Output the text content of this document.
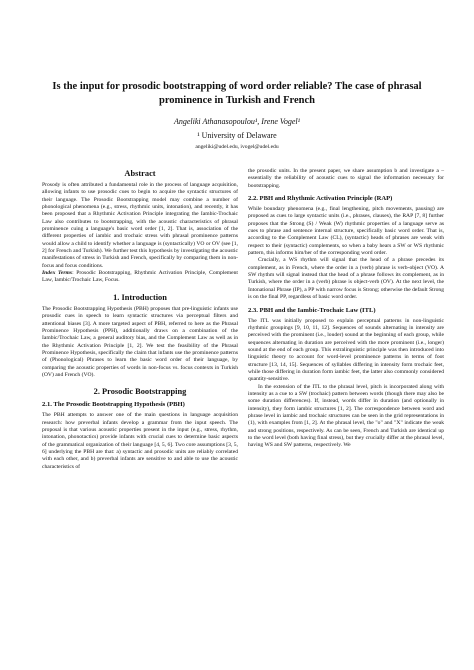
Is the input for prosodic bootstrapping of word order reliable? The case of phrasal prominence in Turkish and French
Angeliki Athanasopoulou¹, Irene Vogel¹
¹ University of Delaware
angeliki@udel.edu, ivogel@udel.edu
Abstract

Prosody is often attributed a fundamental role in the process of language acquisition, allowing infants to use prosodic cues to begin to acquire the syntactic structures of their language. The Prosodic Bootstrapping model may combine a number of phonological phenomena (e.g., stress, rhythmic units, intonation), and recently, it has been proposed that a Rhythmic Activation Principle integrating the Iambic-Trochaic Law also contributes to bootstrapping, with the acoustic characteristics of phrasal prominence cuing a language's basic word order [1, 2]. That is, association of the different properties of iambic and trochaic stress with phrasal prominence patterns would allow a child to identify whether a language is (syntactically) VO or OV (see [1, 2] for French and Turkish). We further test this hypothesis by investigating the acoustic manifestations of stress in Turkish and French, specifically by comparing them in non-focus and focus conditions.

Index Terms: Prosodic Bootstrapping, Rhythmic Activation Principle, Complement Law, Iambic/Trochaic Law, Focus.

1. Introduction

The Prosodic Bootstrapping Hypothesis (PBH) proposes that pre-linguistic infants use prosodic cues in speech to learn syntactic structures via perceptual filters and attentional biases [3]. A more targeted aspect of PBH, referred to here as the Phrasal Prominence Hypothesis (PPH), additionally draws on a combination of the Iambic/Trochaic Law, a general auditory bias, and the Complement Law as well as in the Rhythmic Activation Principle [1, 2]. We test the feasibility of the Phrasal Prominence Hypothesis, specifically the claim that infants use the prominence patterns of (Phonological) Phrases to learn the basic word order of their language, by comparing the acoustic properties of words in non-focus vs. focus contexts in Turkish (OV) and French (VO).

2. Prosodic Bootstrapping
2.1. The Prosodic Bootstrapping Hypothesis (PBH)

The PBH attempts to answer one of the main questions in language acquisition research: how preverbal infants develop a grammar from the input speech. The proposal is that various acoustic properties present in the input (e.g., stress, rhythm, intonation, phonotactics) provide infants with crucial cues to determine basic aspects of the grammatical organization of their language [4, 5, 6]. Two core assumptions [3, 5, 6] underlying the PBH are that: a) syntactic and prosodic units are reliably correlated with each other, and b) preverbal infants are sensitive to and able to use the acoustic characteristics of

the prosodic units. In the present paper, we share assumption b and investigate a – essentially the reliability of acoustic cues to signal the information necessary for bootstrapping.

2.2. PBH and Rhythmic Activation Principle (RAP)

While boundary phenomena (e.g., final lengthening, pitch movements, pausing) are proposed as cues to large syntactic units (i.e., phrases, clauses), the RAP [7, 8] further proposes that the Strong (S) / Weak (W) rhythmic properties of a language serve as cues to phrase and sentence internal structure, specifically basic word order. That is, according to the Complement Law (CL), (syntactic) heads of phrases are weak with respect to their (syntactic) complements, so when a baby hears a SW or WS rhythmic pattern, this informs him/her of the corresponding word order.

Crucially, a WS rhythm will signal that the head of a phrase precedes its complement, as in French, where the order in a (verb) phrase is verb-object (VO). A SW rhythm will signal instead that the head of a phrase follows its complement, as in Turkish, where the order in a (verb) phrase is object-verb (OV). At the next level, the Intonational Phrase (IP), a PP with narrow focus is Strong; otherwise the default Strong is on the final PP, regardless of basic word order.

2.3. PBH and the Iambic-Trochaic Law (ITL)

The ITL was initially proposed to explain perceptual patterns in non-linguistic rhythmic groupings [9, 10, 11, 12]. Sequences of sounds alternating in intensity are perceived with the prominent (i.e., louder) sound at the beginning of each group, while sequences alternating in duration are perceived with the more prominent (i.e., longer) sound at the end of each group. This extralinguistic principle was then introduced into linguistic theory to account for word-level prominence patterns in terms of foot structure [13, 14, 15]. Sequences of syllables differing in intensity form trochaic feet, while those differing in duration form iambic feet, the latter also commonly considered quantity-sensitive.

In the extension of the ITL to the phrasal level, pitch is incorporated along with intensity as a cue to a SW (trochaic) pattern between words (though there may also be some duration differences). If, instead, words differ in duration (and optionally in intensity), they form iambic structures [1, 2]. The correspondence between word and phrase level in iambic and trochaic structures can be seen in the grid representations in (1), with examples from [1, 2]. At the phrasal level, the "o" and "X" indicate the weak and strong positions, respectively. As can be seen, French and Turkish are identical up to the word level (both having final stress), but they crucially differ at the phrasal level, having WS and SW patterns, respectively. We
